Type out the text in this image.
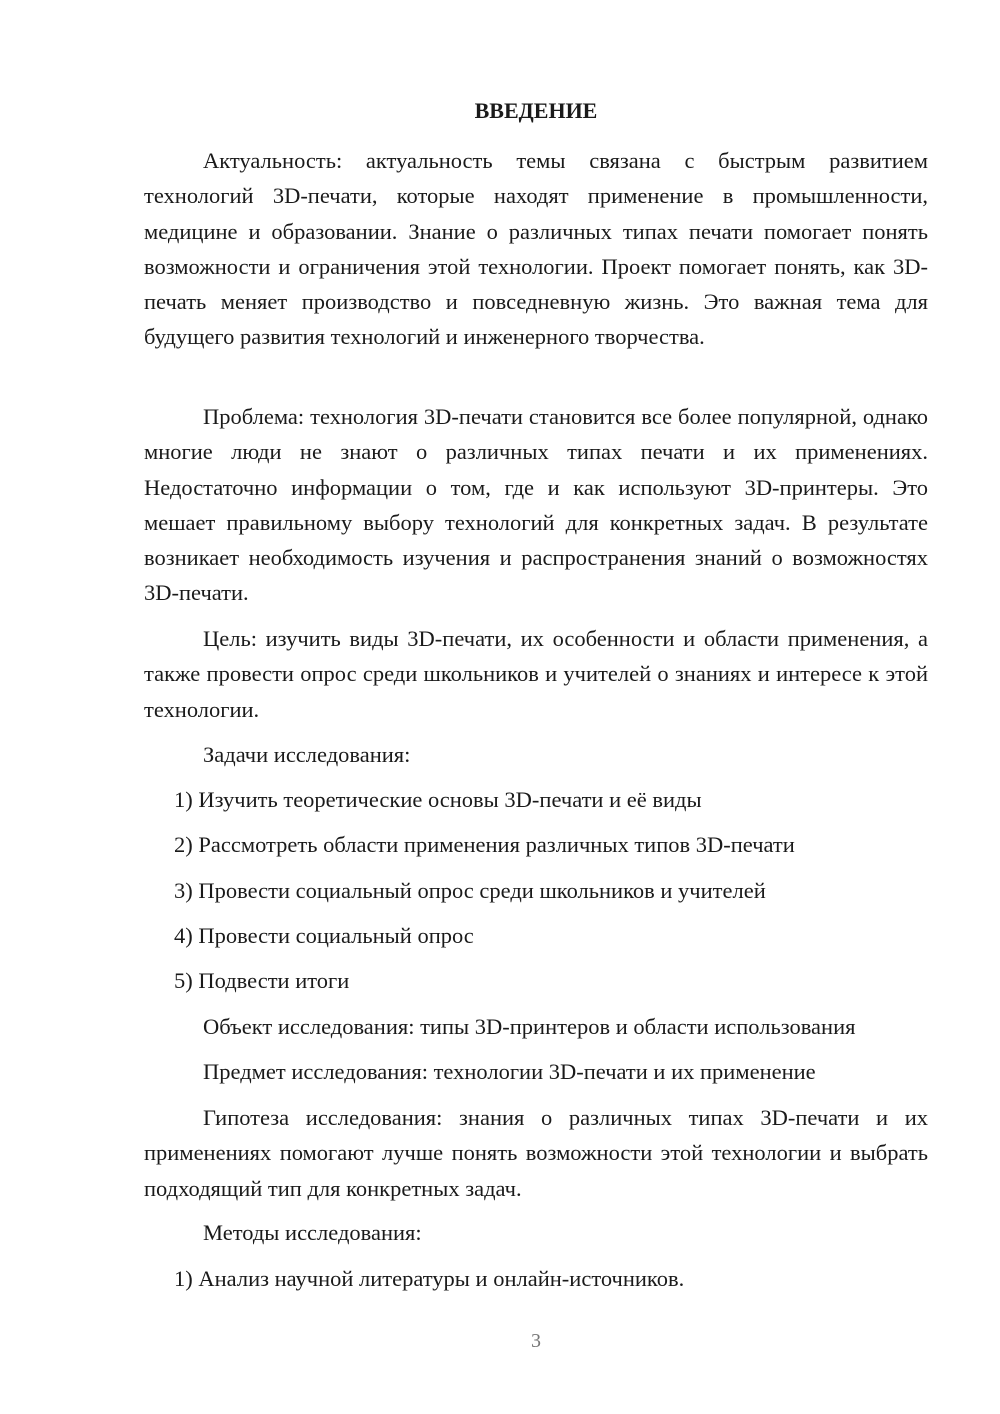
ВВЕДЕНИЕ

Актуальность: актуальность темы связана с быстрым развитием технологий 3D-печати, которые находят применение в промышленности, медицине и образовании. Знание о различных типах печати помогает понять возможности и ограничения этой технологии. Проект помогает понять, как 3D-печать меняет производство и повседневную жизнь. Это важная тема для будущего развития технологий и инженерного творчества.

Проблема: технология 3D-печати становится все более популярной, однако многие люди не знают о различных типах печати и их применениях. Недостаточно информации о том, где и как используют 3D-принтеры. Это мешает правильному выбору технологий для конкретных задач. В результате возникает необходимость изучения и распространения знаний о возможностях 3D-печати.

Цель: изучить виды 3D-печати, их особенности и области применения, а также провести опрос среди школьников и учителей о знаниях и интересе к этой технологии.

Задачи исследования:

1) Изучить теоретические основы 3D-печати и её виды

2) Рассмотреть области применения различных типов 3D-печати

3) Провести социальный опрос среди школьников и учителей

4) Провести социальный опрос

5) Подвести итоги

Объект исследования: типы 3D-принтеров и области использования

Предмет исследования: технологии 3D-печати и их применение

Гипотеза исследования: знания о различных типах 3D-печати и их применениях помогают лучше понять возможности этой технологии и выбрать подходящий тип для конкретных задач.

Методы исследования:

1) Анализ научной литературы и онлайн-источников.

3
